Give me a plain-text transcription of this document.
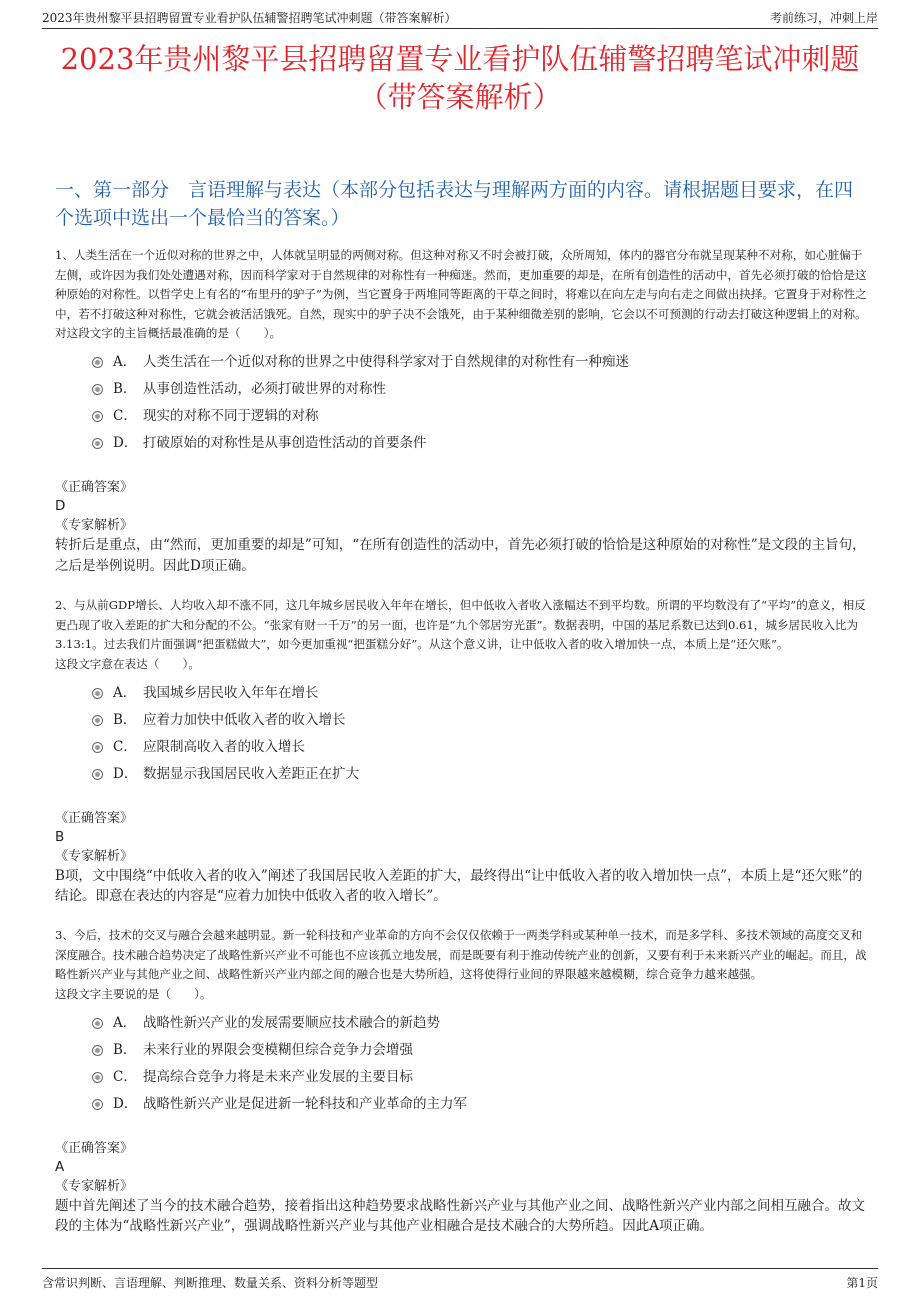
2023年贵州黎平县招聘留置专业看护队伍辅警招聘笔试冲刺题（带答案解析）	考前练习，冲刺上岸
2023年贵州黎平县招聘留置专业看护队伍辅警招聘笔试冲刺题
（带答案解析）
一、第一部分　言语理解与表达（本部分包括表达与理解两方面的内容。请根据题目要求，在四个选项中选出一个最恰当的答案。）
1、人类生活在一个近似对称的世界之中，人体就呈明显的两侧对称。但这种对称又不时会被打破，众所周知，体内的器官分布就呈现某种不对称，如心脏偏于左侧，或许因为我们处处遭遇对称，因而科学家对于自然规律的对称性有一种痴迷。然而，更加重要的却是，在所有创造性的活动中，首先必须打破的恰恰是这种原始的对称性。以哲学史上有名的“布里丹的驴子”为例，当它置身于两堆同等距离的干草之间时，将难以在向左走与向右走之间做出抉择。它置身于对称性之中，若不打破这种对称性，它就会被活活饿死。自然，现实中的驴子决不会饿死，由于某种细微差别的影响，它会以不可预测的行动去打破这种逻辑上的对称。
对这段文字的主旨概括最准确的是（　　）。
A． 人类生活在一个近似对称的世界之中使得科学家对于自然规律的对称性有一种痴迷
B． 从事创造性活动，必须打破世界的对称性
C． 现实的对称不同于逻辑的对称
D． 打破原始的对称性是从事创造性活动的首要条件
《正确答案》
D
《专家解析》
转折后是重点，由“然而，更加重要的却是”可知，“在所有创造性的活动中，首先必须打破的恰恰是这种原始的对称性”是文段的主旨句，之后是举例说明。因此D项正确。
2、与从前GDP增长、人均收入却不涨不同，这几年城乡居民收入年年在增长，但中低收入者收入涨幅达不到平均数。所谓的平均数没有了“平均”的意义，相反更凸现了收入差距的扩大和分配的不公。“张家有财一千万”的另一面，也许是“九个邻居穷光蛋”。数据表明，中国的基尼系数已达到0.61，城乡居民收入比为3.13:1。过去我们片面强调“把蛋糕做大”，如今更加重视“把蛋糕分好”。从这个意义讲，让中低收入者的收入增加快一点，本质上是“还欠账”。
这段文字意在表达（　　）。
A． 我国城乡居民收入年年在增长
B． 应着力加快中低收入者的收入增长
C． 应限制高收入者的收入增长
D． 数据显示我国居民收入差距正在扩大
《正确答案》
B
《专家解析》
B项，文中围绕“中低收入者的收入”阐述了我国居民收入差距的扩大，最终得出“让中低收入者的收入增加快一点”，本质上是“还欠账”的结论。即意在表达的内容是“应着力加快中低收入者的收入增长”。
3、今后，技术的交叉与融合会越来越明显。新一轮科技和产业革命的方向不会仅仅依赖于一两类学科或某种单一技术，而是多学科、多技术领域的高度交叉和深度融合。技术融合趋势决定了战略性新兴产业不可能也不应该孤立地发展，而是既要有利于推动传统产业的创新，又要有利于未来新兴产业的崛起。而且，战略性新兴产业与其他产业之间、战略性新兴产业内部之间的融合也是大势所趋，这将使得行业间的界限越来越模糊，综合竞争力越来越强。
这段文字主要说的是（　　）。
A． 战略性新兴产业的发展需要顺应技术融合的新趋势
B． 未来行业的界限会变模糊但综合竞争力会增强
C． 提高综合竞争力将是未来产业发展的主要目标
D． 战略性新兴产业是促进新一轮科技和产业革命的主力军
《正确答案》
A
《专家解析》
题中首先阐述了当今的技术融合趋势，接着指出这种趋势要求战略性新兴产业与其他产业之间、战略性新兴产业内部之间相互融合。故文段的主体为“战略性新兴产业”，强调战略性新兴产业与其他产业相融合是技术融合的大势所趋。因此A项正确。
含常识判断、言语理解、判断推理、数量关系、资料分析等题型	第1页
